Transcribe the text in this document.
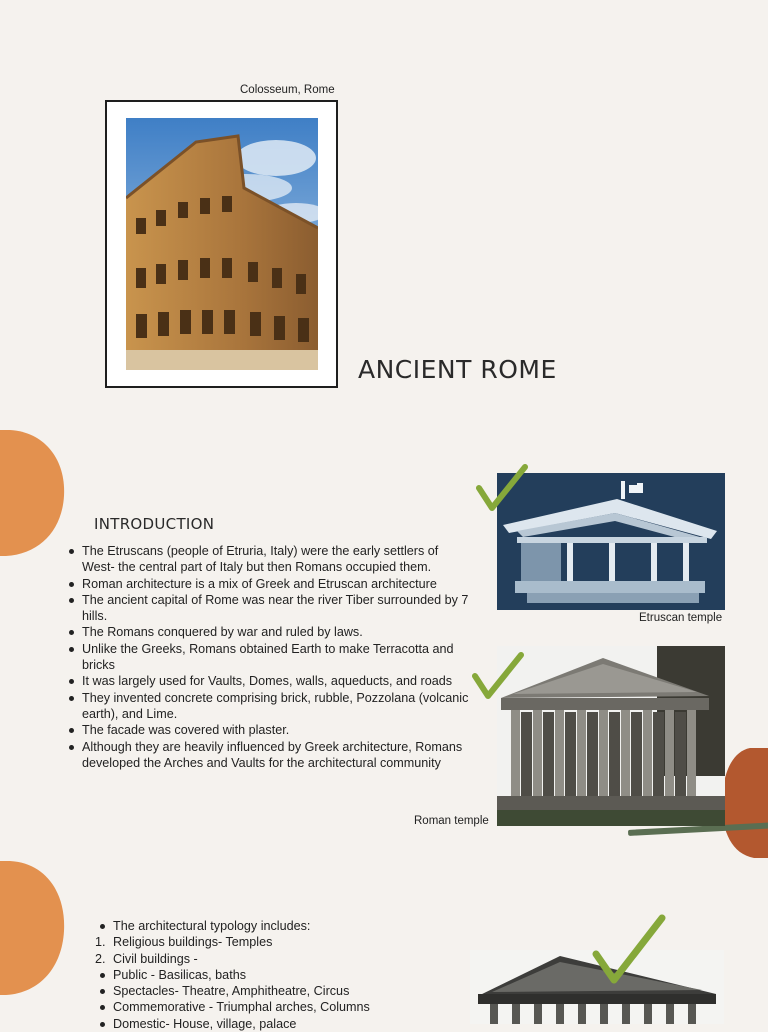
Colosseum, Rome
ANCIENT ROME
INTRODUCTION
The Etruscans (people of Etruria, Italy) were the early settlers of West- the central part of Italy but then Romans occupied them.
Roman architecture is a mix of Greek and Etruscan architecture
The ancient capital of Rome was near the river Tiber surrounded by 7 hills.
The Romans conquered by war and ruled by laws.
Unlike the Greeks, Romans obtained Earth to make Terracotta and bricks
It was largely used for Vaults, Domes, walls, aqueducts, and roads
They invented concrete comprising brick, rubble, Pozzolana (volcanic earth), and Lime.
The facade was covered with plaster.
Although they are heavily influenced by Greek architecture, Romans developed the Arches and Vaults for the architectural community
Etruscan temple
Roman temple
The architectural typology includes:
1. Religious buildings- Temples
2. Civil buildings -
Public - Basilicas, baths
Spectacles- Theatre, Amphitheatre, Circus
Commemorative - Triumphal arches, Columns
Domestic- House, village, palace
